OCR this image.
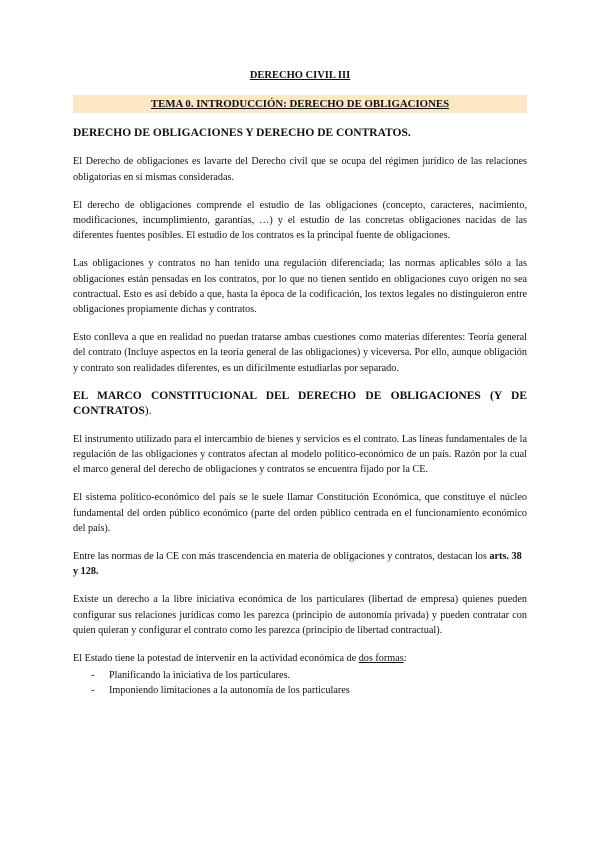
DERECHO CIVIL III
TEMA 0. INTRODUCCIÓN: DERECHO DE OBLIGACIONES
DERECHO DE OBLIGACIONES Y DERECHO DE CONTRATOS.

El Derecho de obligaciones es lavarte del Derecho civil que se ocupa del régimen jurídico de las relaciones obligatorias en sí mismas consideradas.

El derecho de obligaciones comprende el estudio de las obligaciones (concepto, caracteres, nacimiento, modificaciones, incumplimiento, garantías, …) y el estudio de las concretas obligaciones nacidas de las diferentes fuentes posibles. El estudio de los contratos es la principal fuente de obligaciones.

Las obligaciones y contratos no han tenido una regulación diferenciada; las normas aplicables sólo a las obligaciones están pensadas en los contratos, por lo que no tienen sentido en obligaciones cuyo origen no sea contractual. Esto es así debido a que, hasta la época de la codificación, los textos legales no distinguieron entre obligaciones propiamente dichas y contratos.

Esto conlleva a que en realidad no puedan tratarse ambas cuestiones como materias diferentes: Teoría general del contrato (Incluye aspectos en la teoría general de las obligaciones) y viceversa. Por ello, aunque obligación y contrato son realidades diferentes, es un difícilmente estudiarlas por separado.

EL MARCO CONSTITUCIONAL DEL DERECHO DE OBLIGACIONES (Y DE CONTRATOS).

El instrumento utilizado para el intercambio de bienes y servicios es el contrato. Las líneas fundamentales de la regulación de las obligaciones y contratos afectan al modelo político-económico de un país. Razón por la cual el marco general del derecho de obligaciones y contratos se encuentra fijado por la CE.

El sistema político-económico del país se le suele llamar Constitución Económica, que constituye el núcleo fundamental del orden público económico (parte del orden público centrada en el funcionamiento económico del país).

Entre las normas de la CE con más trascendencia en materia de obligaciones y contratos, destacan los arts. 38 y 128.

Existe un derecho a la libre iniciativa económica de los particulares (libertad de empresa) quienes pueden configurar sus relaciones jurídicas como les parezca (principio de autonomía privada) y pueden contratar con quien quieran y configurar el contrato como les parezca (principio de libertad contractual).

El Estado tiene la potestad de intervenir en la actividad económica de dos formas:

- Planificando la iniciativa de los particulares.
- Imponiendo limitaciones a la autonomía de los particulares
